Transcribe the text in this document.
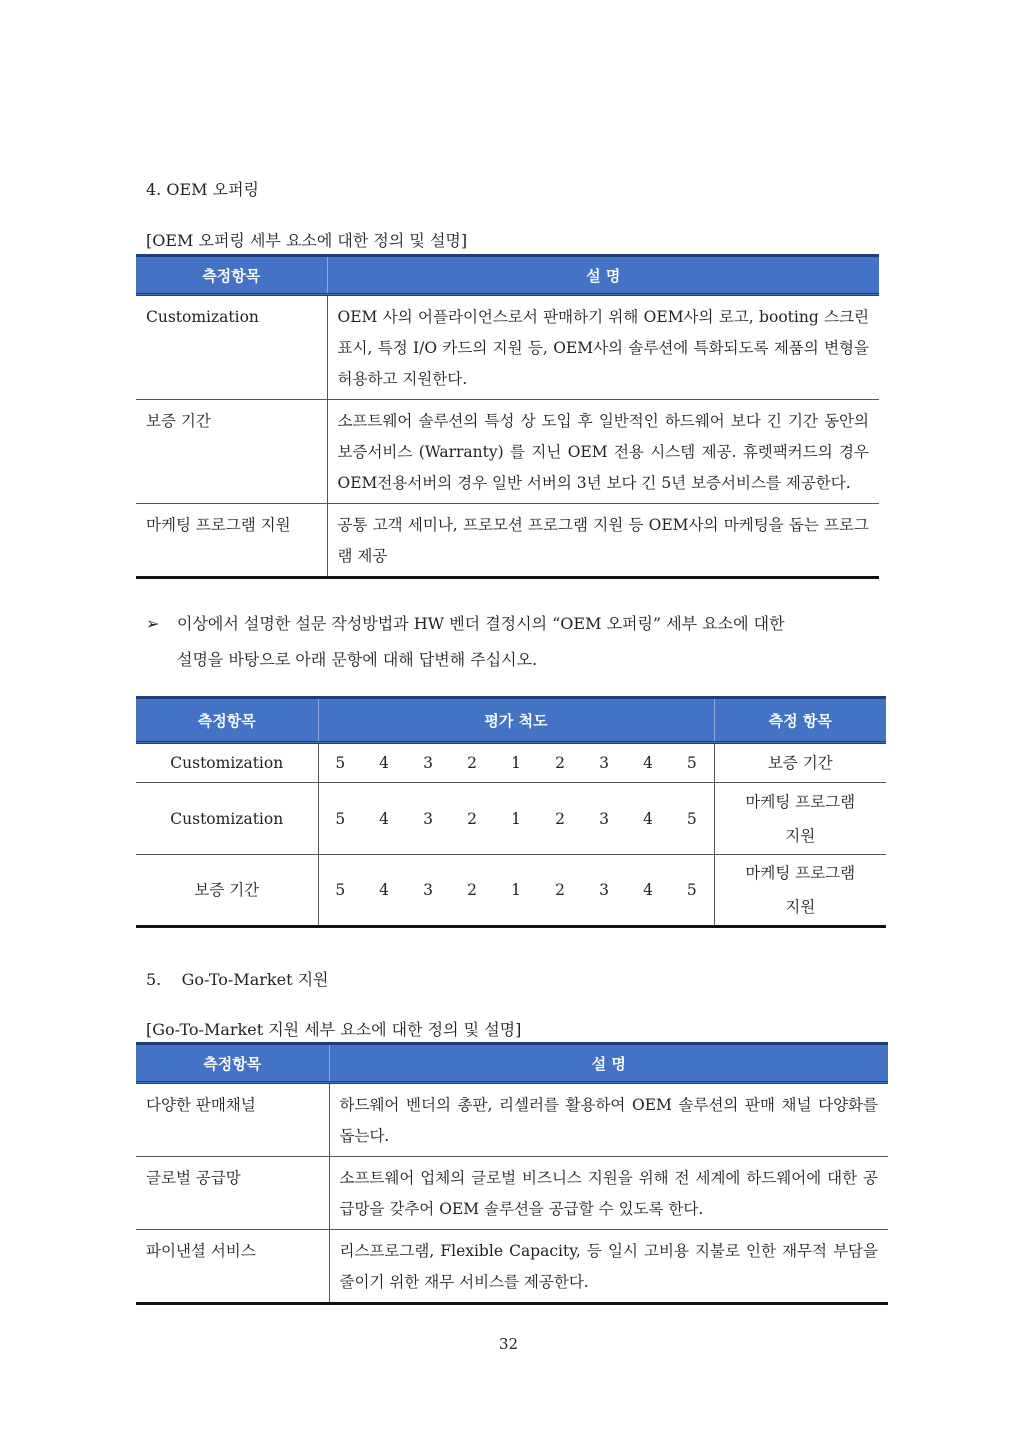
4. OEM 오퍼링
[OEM 오퍼링 세부 요소에 대한 정의 및 설명]
측정항목	설 명
Customization	OEM 사의 어플라이언스로서 판매하기 위해 OEM사의 로고, booting 스크린 표시, 특정 I/O 카드의 지원 등, OEM사의 솔루션에 특화되도록 제품의 변형을 허용하고 지원한다.
보증 기간	소프트웨어 솔루션의 특성 상 도입 후 일반적인 하드웨어 보다 긴 기간 동안의 보증서비스 (Warranty) 를 지닌 OEM 전용 시스템 제공. 휴렛팩커드의 경우 OEM전용서버의 경우 일반 서버의 3년 보다 긴 5년 보증서비스를 제공한다.
마케팅 프로그램 지원	공통 고객 세미나, 프로모션 프로그램 지원 등 OEM사의 마케팅을 돕는 프로그램 제공
➢ 이상에서 설명한 설문 작성방법과 HW 벤더 결정시의 “OEM 오퍼링” 세부 요소에 대한
설명을 바탕으로 아래 문항에 대해 답변해 주십시오.
측정항목	평가 척도									측정 항목
Customization	5	4	3	2	1	2	3	4	5	보증 기간
Customization	5	4	3	2	1	2	3	4	5	마케팅 프로그램
지원

보증 기간	5	4	3	2	1	2	3	4	5	마케팅 프로그램
지원
5.    Go-To-Market 지원
[Go-To-Market 지원 세부 요소에 대한 정의 및 설명]
측정항목	설 명
다양한 판매채널	하드웨어 벤더의 총판, 리셀러를 활용하여 OEM 솔루션의 판매 채널 다양화를 돕는다.
글로벌 공급망	소프트웨어 업체의 글로벌 비즈니스 지원을 위해 전 세계에 하드웨어에 대한 공급망을 갖추어 OEM 솔루션을 공급할 수 있도록 한다.
파이낸셜 서비스	리스프로그램, Flexible Capacity, 등 일시 고비용 지불로 인한 재무적 부담을 줄이기 위한 재무 서비스를 제공한다.
32
